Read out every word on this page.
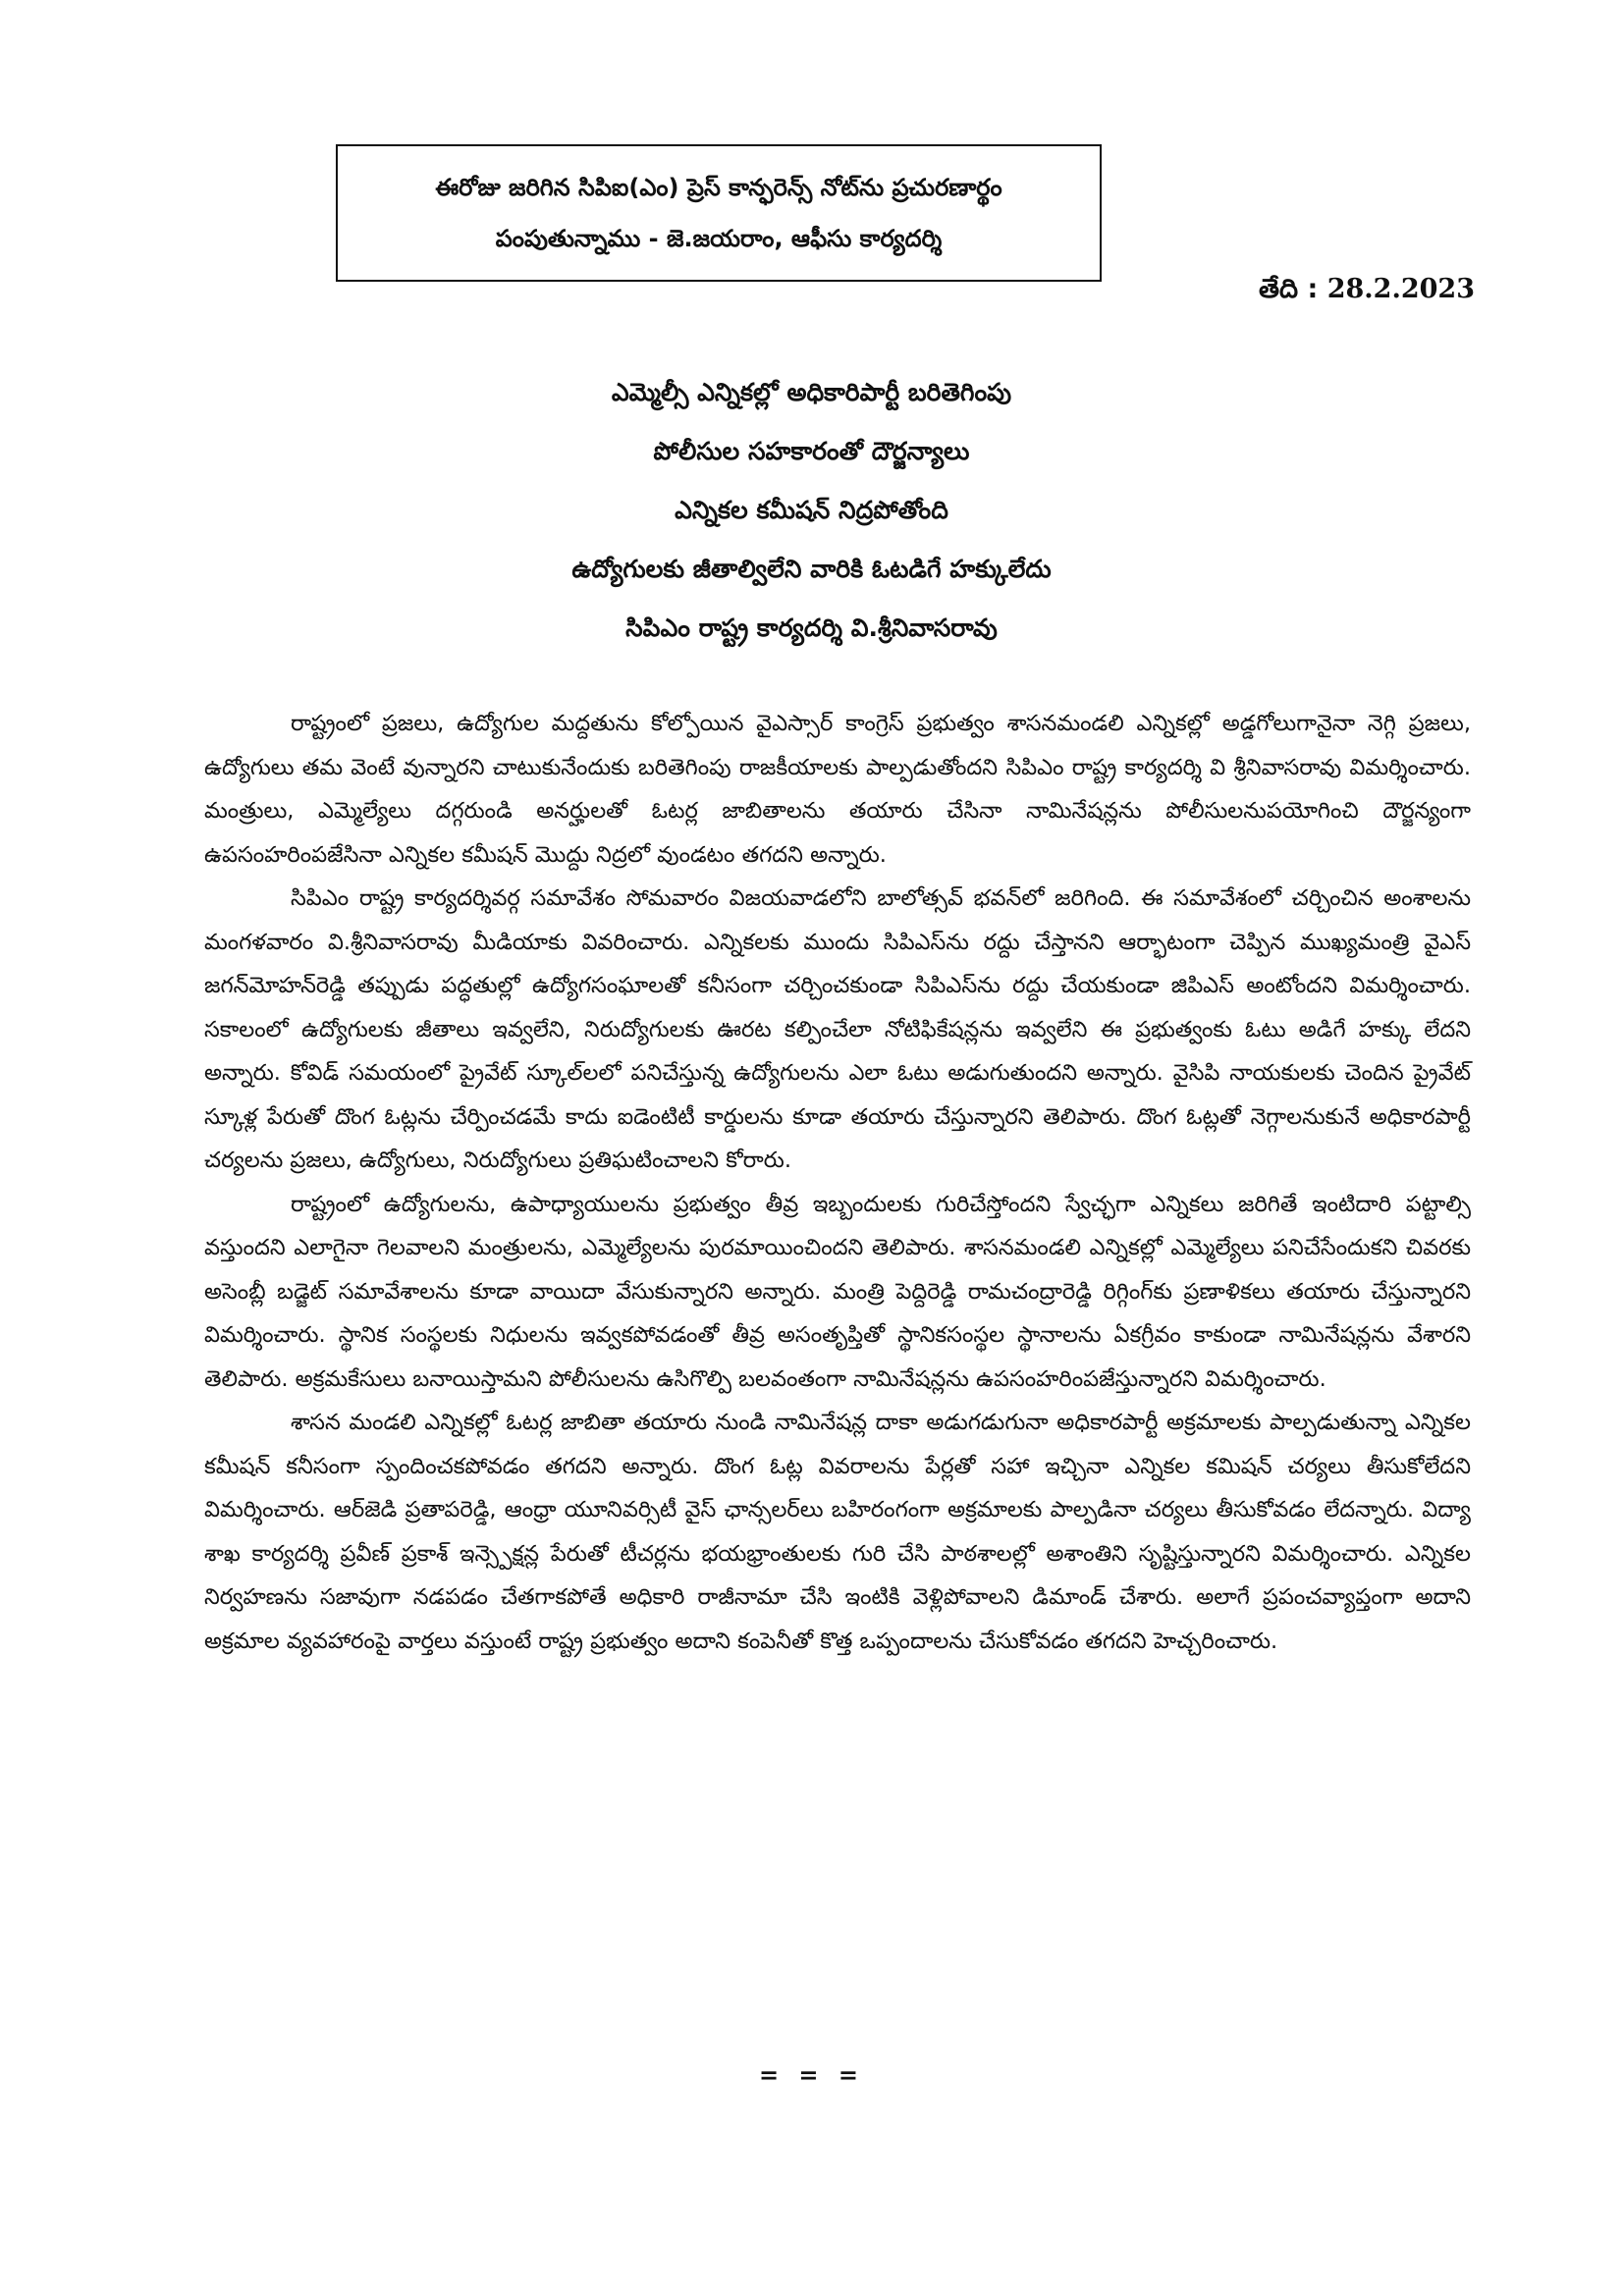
ఈరోజు జరిగిన సిపిఐ(ఎం) ప్రెస్ కాన్ఫరెన్స్ నోట్‌ను ప్రచురణార్థం
పంపుతున్నాము - జె.జయరాం, ఆఫీసు కార్యదర్శి
తేది : 28.2.2023
ఎమ్మెల్సీ ఎన్నికల్లో అధికారిపార్టీ బరితెగింపు
పోలీసుల సహకారంతో దౌర్జన్యాలు
ఎన్నికల కమీషన్ నిద్రపోతోంది
ఉద్యోగులకు జీతాల్విలేని వారికి ఓటడిగే హక్కులేదు
సిపిఎం రాష్ట్ర కార్యదర్శి వి.శ్రీనివాసరావు

రాష్ట్రంలో ప్రజలు, ఉద్యోగుల మద్దతును కోల్పోయిన వైఎస్సార్ కాంగ్రెస్ ప్రభుత్వం శాసనమండలి ఎన్నికల్లో అడ్డగోలుగానైనా నెగ్గి ప్రజలు, ఉద్యోగులు తమ వెంటే వున్నారని చాటుకునేందుకు బరితెగింపు రాజకీయాలకు పాల్పడుతోందని సిపిఎం రాష్ట్ర కార్యదర్శి వి శ్రీనివాసరావు విమర్శించారు. మంత్రులు, ఎమ్మెల్యేలు దగ్గరుండి అనర్హులతో ఓటర్ల జాబితాలను తయారు చేసినా నామినేషన్లను పోలీసులనుపయోగించి దౌర్జన్యంగా ఉపసంహరింపజేసినా ఎన్నికల కమీషన్ మొద్దు నిద్రలో వుండటం తగదని అన్నారు.

సిపిఎం రాష్ట్ర కార్యదర్శివర్గ సమావేశం సోమవారం విజయవాడలోని బాలోత్సవ్ భవన్‌లో జరిగింది. ఈ సమావేశంలో చర్చించిన అంశాలను మంగళవారం వి.శ్రీనివాసరావు మీడియాకు వివరించారు. ఎన్నికలకు ముందు సిపిఎస్‌ను రద్దు చేస్తానని ఆర్భాటంగా చెప్పిన ముఖ్యమంత్రి వైఎస్ జగన్‌మోహన్‌రెడ్డి తప్పుడు పద్ధతుల్లో ఉద్యోగసంఘాలతో కనీసంగా చర్చించకుండా సిపిఎస్‌ను రద్దు చేయకుండా జిపిఎస్ అంటోందని విమర్శించారు. సకాలంలో ఉద్యోగులకు జీతాలు ఇవ్వలేని, నిరుద్యోగులకు ఊరట కల్పించేలా నోటిఫికేషన్లను ఇవ్వలేని ఈ ప్రభుత్వంకు ఓటు అడిగే హక్కు లేదని అన్నారు. కోవిడ్ సమయంలో ప్రైవేట్ స్కూల్‌లలో పనిచేస్తున్న ఉద్యోగులను ఎలా ఓటు అడుగుతుందని అన్నారు. వైసిపి నాయకులకు చెందిన ప్రైవేట్ స్కూళ్ల పేరుతో దొంగ ఓట్లను చేర్పించడమే కాదు ఐడెంటిటీ కార్డులను కూడా తయారు చేస్తున్నారని తెలిపారు. దొంగ ఓట్లతో నెగ్గాలనుకునే అధికారపార్టీ చర్యలను ప్రజలు, ఉద్యోగులు, నిరుద్యోగులు ప్రతిఘటించాలని కోరారు.

రాష్ట్రంలో ఉద్యోగులను, ఉపాధ్యాయులను ప్రభుత్వం తీవ్ర ఇబ్బందులకు గురిచేస్తోందని స్వేచ్ఛగా ఎన్నికలు జరిగితే ఇంటిదారి పట్టాల్సి వస్తుందని ఎలాగైనా గెలవాలని మంత్రులను, ఎమ్మెల్యేలను పురమాయించిందని తెలిపారు. శాసనమండలి ఎన్నికల్లో ఎమ్మెల్యేలు పనిచేసేందుకని చివరకు అసెంబ్లీ బడ్జెట్ సమావేశాలను కూడా వాయిదా వేసుకున్నారని అన్నారు. మంత్రి పెద్దిరెడ్డి రామచంద్రారెడ్డి రిగ్గింగ్‌కు ప్రణాళికలు తయారు చేస్తున్నారని విమర్శించారు. స్థానిక సంస్థలకు నిధులను ఇవ్వకపోవడంతో తీవ్ర అసంతృప్తితో స్థానికసంస్థల స్థానాలను ఏకగ్రీవం కాకుండా నామినేషన్లను వేశారని తెలిపారు. అక్రమకేసులు బనాయిస్తామని పోలీసులను ఉసిగొల్పి బలవంతంగా నామినేషన్లను ఉపసంహరింపజేస్తున్నారని విమర్శించారు.

శాసన మండలి ఎన్నికల్లో ఓటర్ల జాబితా తయారు నుండి నామినేషన్ల దాకా అడుగడుగునా అధికారపార్టీ అక్రమాలకు పాల్పడుతున్నా ఎన్నికల కమీషన్ కనీసంగా స్పందించకపోవడం తగదని అన్నారు. దొంగ ఓట్ల వివరాలను పేర్లతో సహా ఇచ్చినా ఎన్నికల కమిషన్ చర్యలు తీసుకోలేదని విమర్శించారు. ఆర్‌జెడి ప్రతాపరెడ్డి, ఆంధ్రా యూనివర్సిటీ వైస్ ఛాన్సలర్‌లు బహిరంగంగా అక్రమాలకు పాల్పడినా చర్యలు తీసుకోవడం లేదన్నారు. విద్యా శాఖ కార్యదర్శి ప్రవీణ్ ప్రకాశ్ ఇన్స్పెక్షన్ల పేరుతో టీచర్లను భయభ్రాంతులకు గురి చేసి పాఠశాలల్లో అశాంతిని సృష్టిస్తున్నారని విమర్శించారు. ఎన్నికల నిర్వహణను సజావుగా నడపడం చేతగాకపోతే అధికారి రాజీనామా చేసి ఇంటికి వెళ్లిపోవాలని డిమాండ్ చేశారు. అలాగే ప్రపంచవ్యాప్తంగా అదాని అక్రమాల వ్యవహారంపై వార్తలు వస్తుంటే రాష్ట్ర ప్రభుత్వం అదాని కంపెనీతో కొత్త ఒప్పందాలను చేసుకోవడం తగదని హెచ్చరించారు.

= = =
